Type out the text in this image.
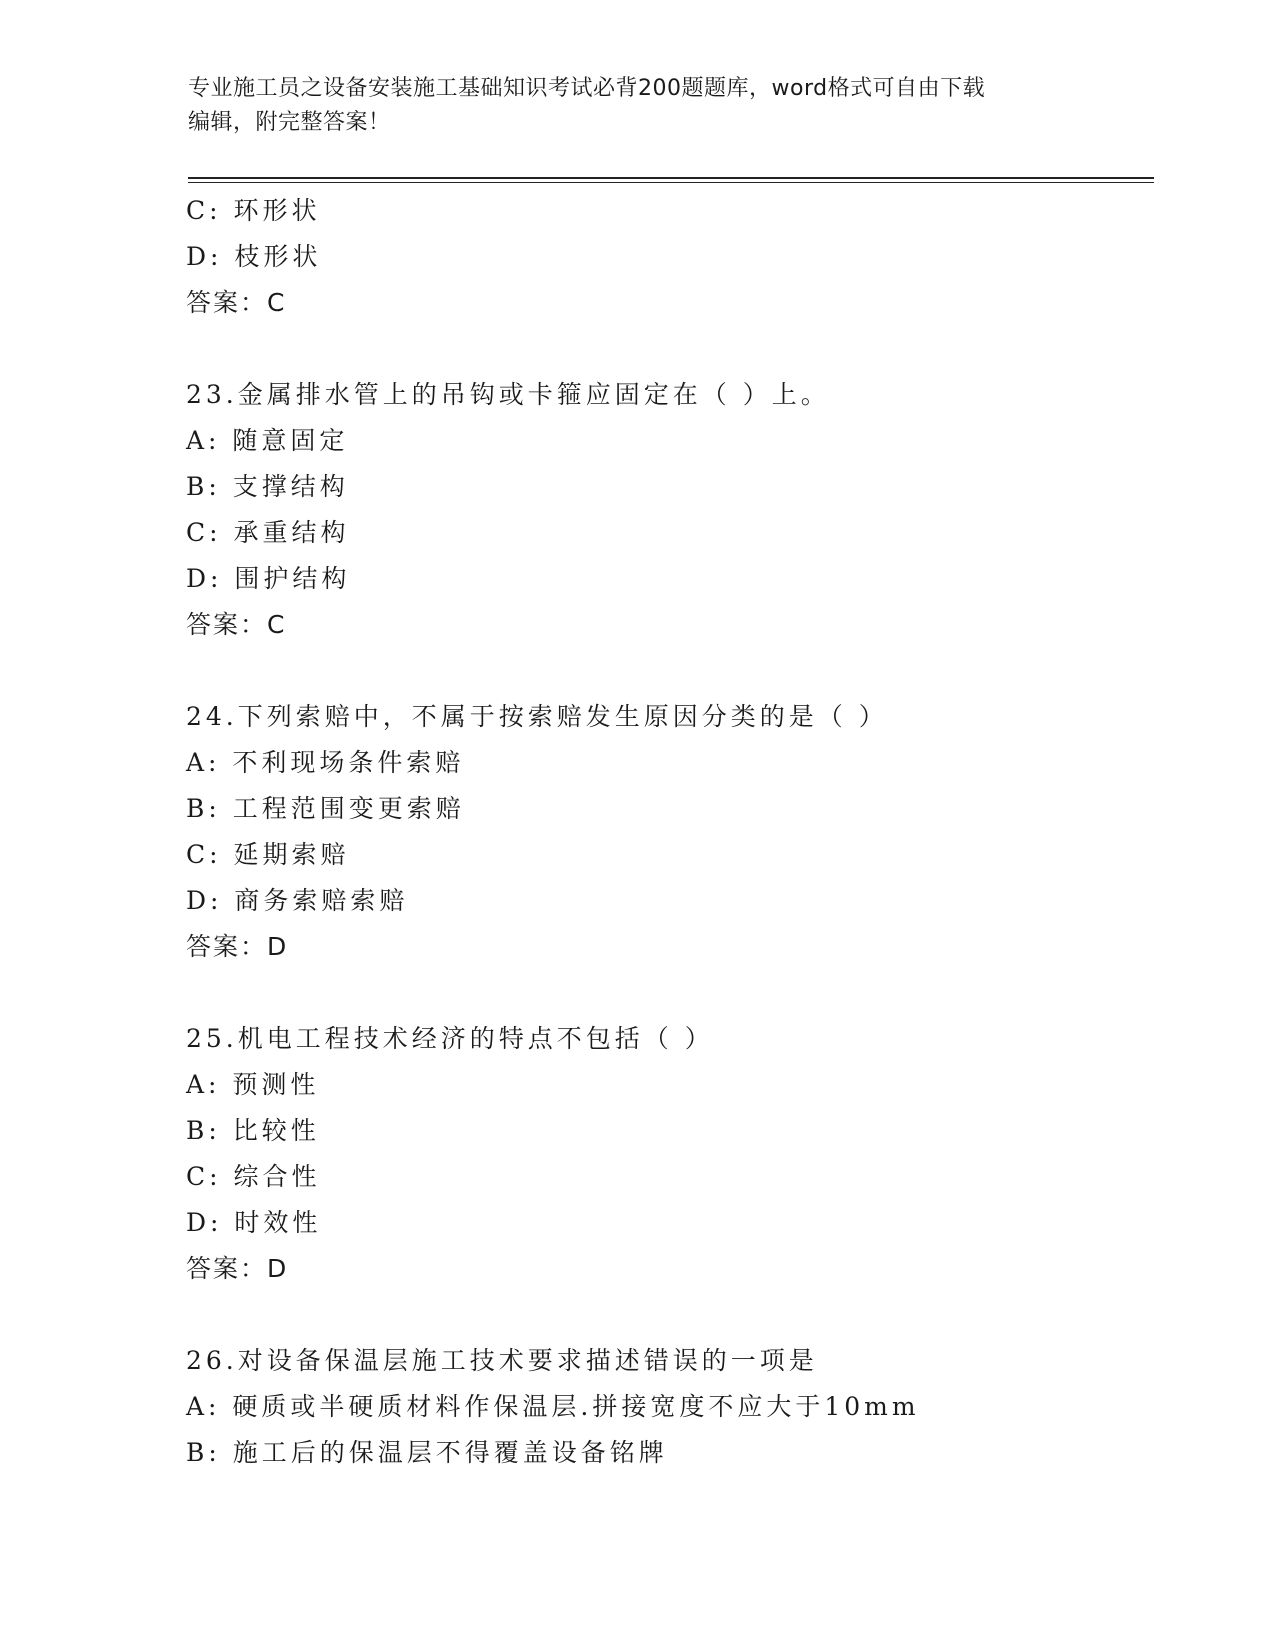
专业施工员之设备安装施工基础知识考试必背200题题库，word格式可自由下载
编辑，附完整答案！
C: 环形状
D: 枝形状
答案：C
23.金属排水管上的吊钩或卡箍应固定在（ ）上。
A: 随意固定
B: 支撑结构
C: 承重结构
D: 围护结构
答案：C
24.下列索赔中，不属于按索赔发生原因分类的是（ ）
A: 不利现场条件索赔
B: 工程范围变更索赔
C: 延期索赔
D: 商务索赔索赔
答案：D
25.机电工程技术经济的特点不包括（ ）
A: 预测性
B: 比较性
C: 综合性
D: 时效性
答案：D
26.对设备保温层施工技术要求描述错误的一项是
A: 硬质或半硬质材料作保温层.拼接宽度不应大于10mm
B: 施工后的保温层不得覆盖设备铭牌
